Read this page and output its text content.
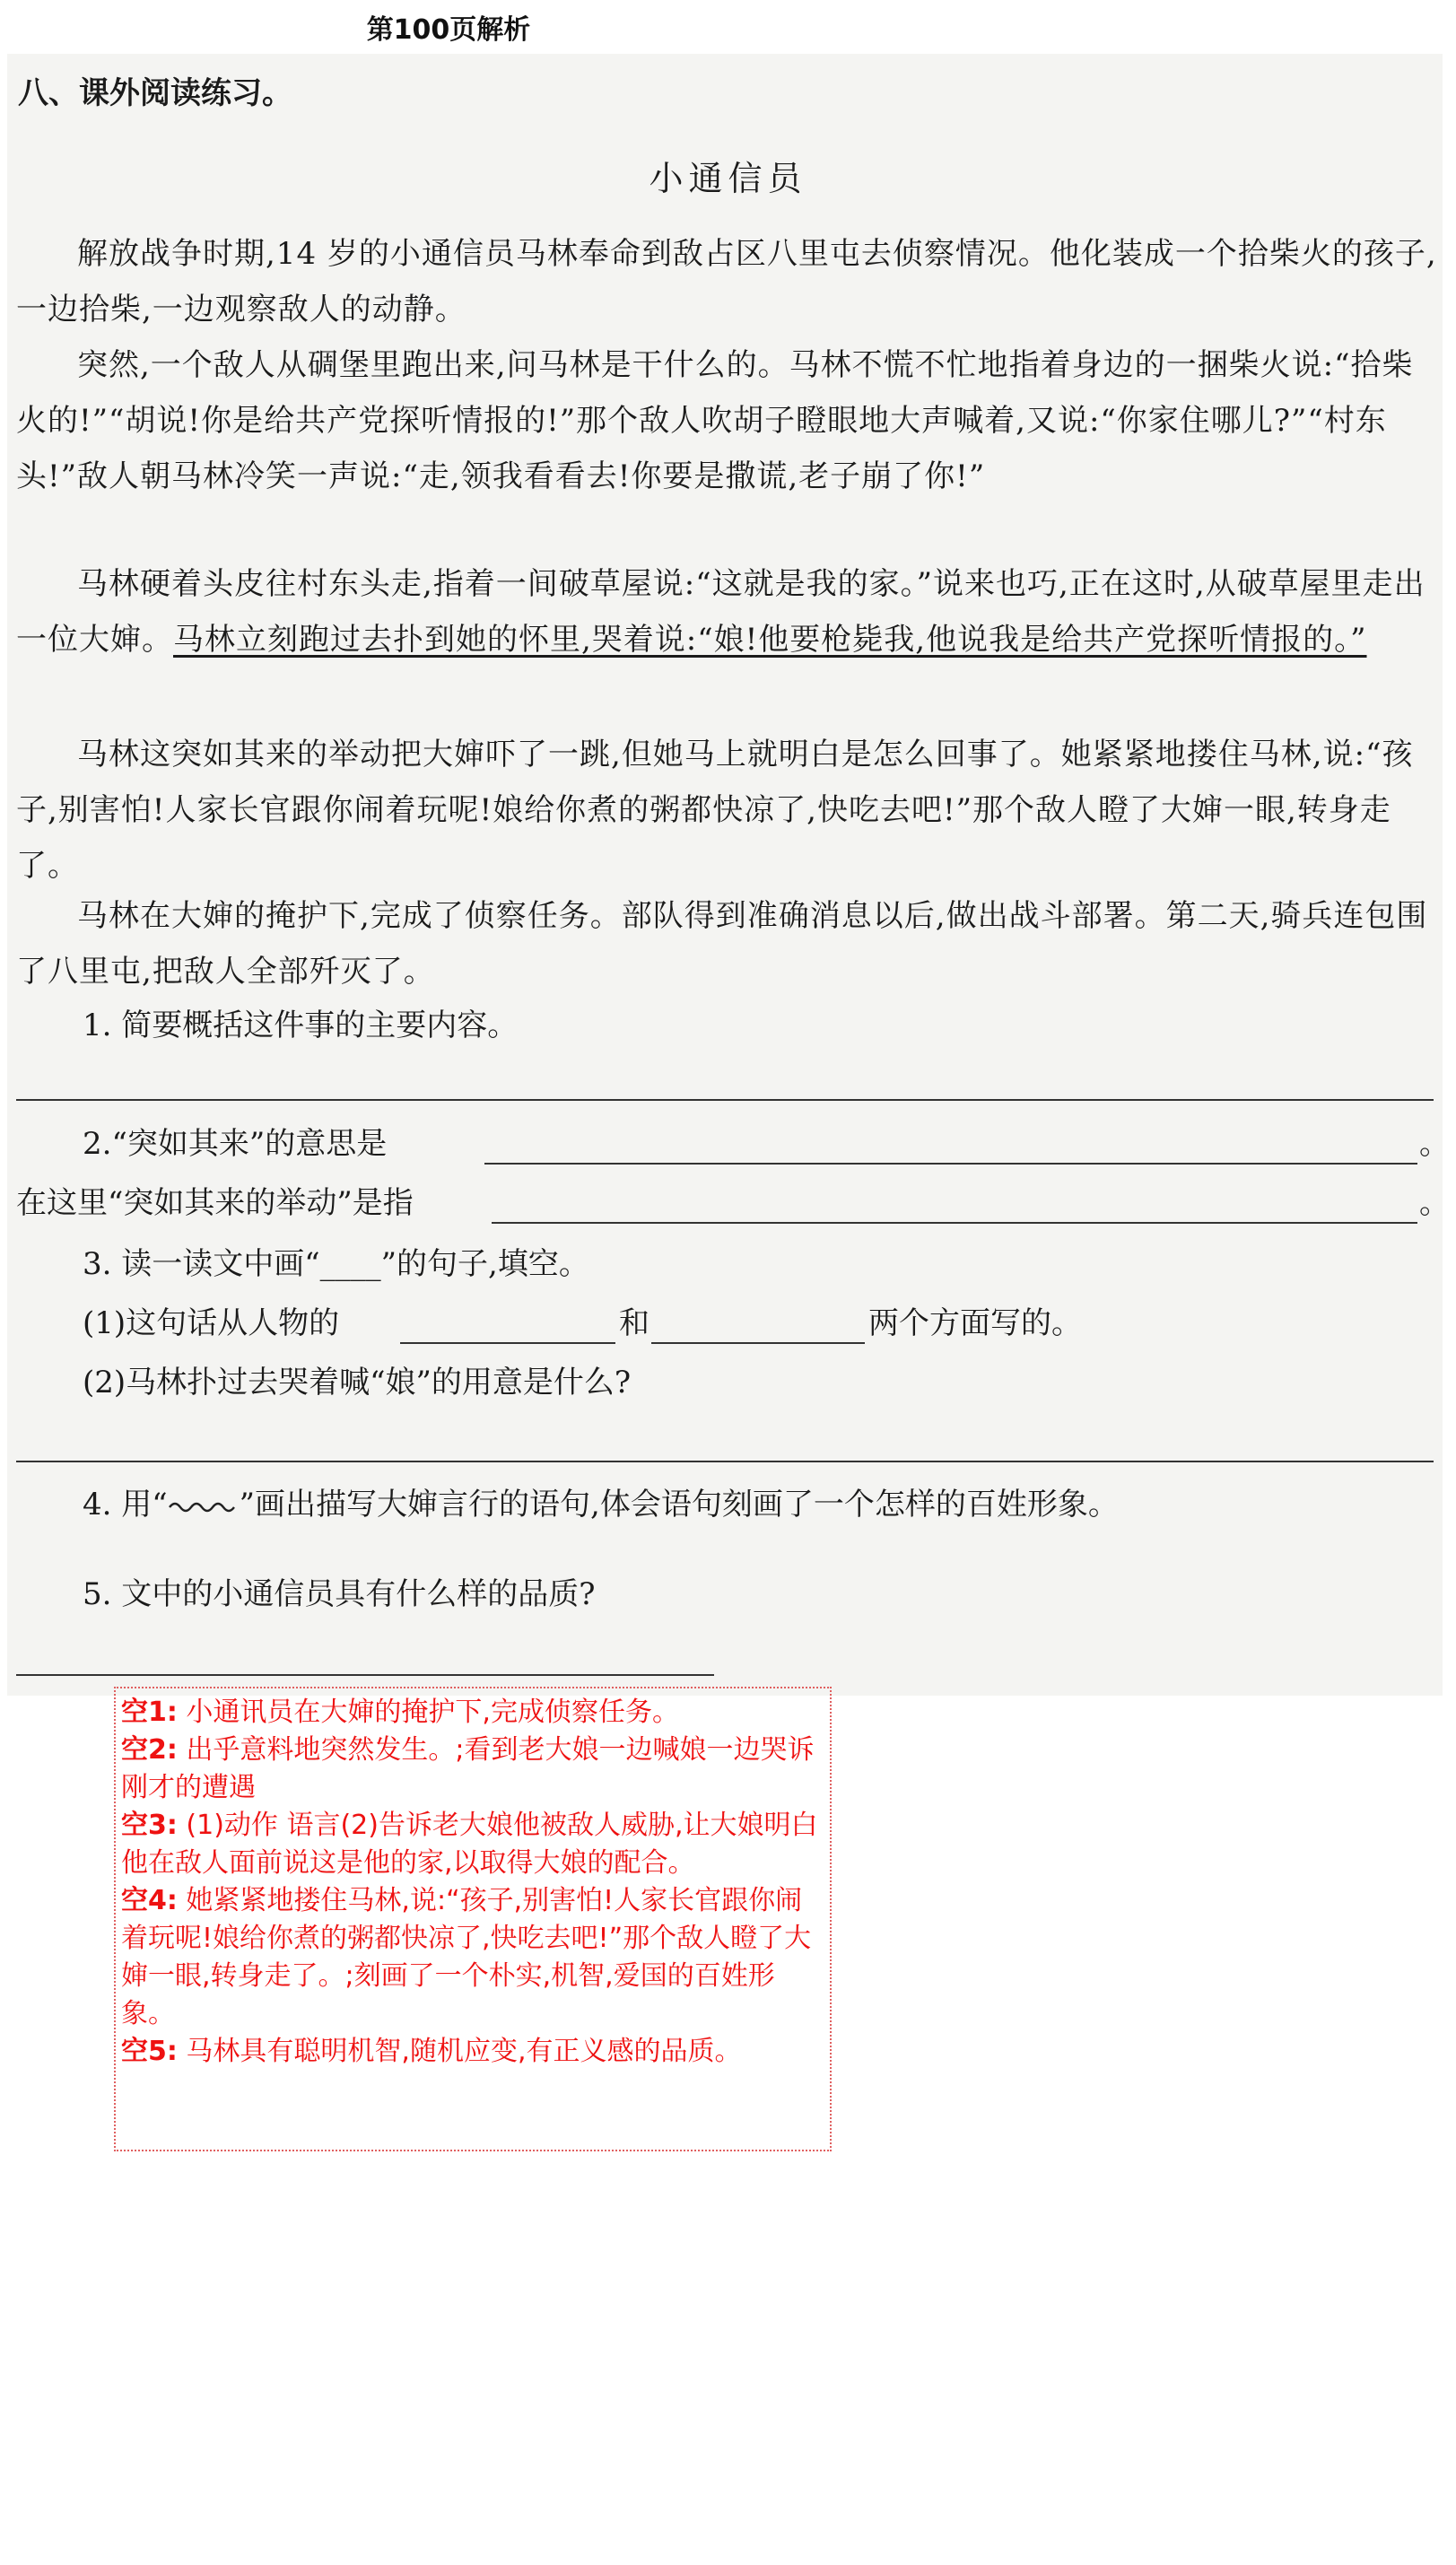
第100页解析
八、课外阅读练习。
小通信员

解放战争时期,14 岁的小通信员马林奉命到敌占区八里屯去侦察情况。他化装成一个拾柴火的孩子,一边拾柴,一边观察敌人的动静。

突然,一个敌人从碉堡里跑出来,问马林是干什么的。马林不慌不忙地指着身边的一捆柴火说:“拾柴火的!”“胡说!你是给共产党探听情报的!”那个敌人吹胡子瞪眼地大声喊着,又说:“你家住哪儿?”“村东头!”敌人朝马林冷笑一声说:“走,领我看看去!你要是撒谎,老子崩了你!”

马林硬着头皮往村东头走,指着一间破草屋说:“这就是我的家。”说来也巧,正在这时,从破草屋里走出一位大婶。马林立刻跑过去扑到她的怀里,哭着说:“娘!他要枪毙我,他说我是给共产党探听情报的。”

马林这突如其来的举动把大婶吓了一跳,但她马上就明白是怎么回事了。她紧紧地搂住马林,说:“孩子,别害怕!人家长官跟你闹着玩呢!娘给你煮的粥都快凉了,快吃去吧!”那个敌人瞪了大婶一眼,转身走了。

马林在大婶的掩护下,完成了侦察任务。部队得到准确消息以后,做出战斗部署。第二天,骑兵连包围了八里屯,把敌人全部歼灭了。

1. 简要概括这件事的主要内容。
2.“突如其来”的意思是	。
在这里“突如其来的举动”是指	。
3. 读一读文中画“____”的句子,填空。
(1)这句话从人物的	和	两个方面写的。
(2)马林扑过去哭着喊“娘”的用意是什么?
4. 用“ ”画出描写大婶言行的语句,体会语句刻画了一个怎样的百姓形象。
5. 文中的小通信员具有什么样的品质?
空1: 小通讯员在大婶的掩护下,完成侦察任务。
空2: 出乎意料地突然发生。;看到老大娘一边喊娘一边哭诉刚才的遭遇
空3: (1)动作 语言(2)告诉老大娘他被敌人威胁,让大娘明白他在敌人面前说这是他的家,以取得大娘的配合。
空4: 她紧紧地搂住马林,说:“孩子,别害怕!人家长官跟你闹着玩呢!娘给你煮的粥都快凉了,快吃去吧!”那个敌人瞪了大婶一眼,转身走了。;刻画了一个朴实,机智,爱国的百姓形象。
空5: 马林具有聪明机智,随机应变,有正义感的品质。
